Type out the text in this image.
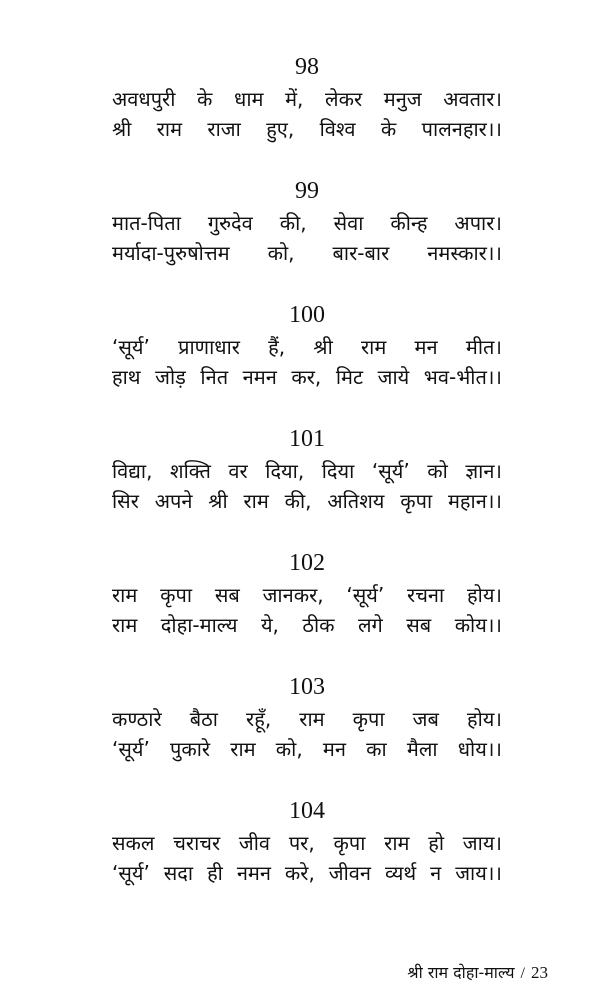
98
अवधपुरी के धाम में, लेकर मनुज अवतार।
श्री राम राजा हुए, विश्व के पालनहार।।
99
मात-पिता गुरुदेव की, सेवा कीन्ह अपार।
मर्यादा-पुरुषोत्तम को, बार-बार नमस्कार।।
100
‘सूर्य’ प्राणाधार हैं, श्री राम मन मीत।
हाथ जोड़ नित नमन कर, मिट जाये भव-भीत।।
101
विद्या, शक्ति वर दिया, दिया ‘सूर्य’ को ज्ञान।
सिर अपने श्री राम की, अतिशय कृपा महान।।
102
राम कृपा सब जानकर, ‘सूर्य’ रचना होय।
राम दोहा-माल्य ये, ठीक लगे सब कोय।।
103
कण्ठारे बैठा रहूँ, राम कृपा जब होय।
‘सूर्य’ पुकारे राम को, मन का मैला धोय।।
104
सकल चराचर जीव पर, कृपा राम हो जाय।
‘सूर्य’ सदा ही नमन करे, जीवन व्यर्थ न जाय।।
श्री राम दोहा-माल्य / 23
